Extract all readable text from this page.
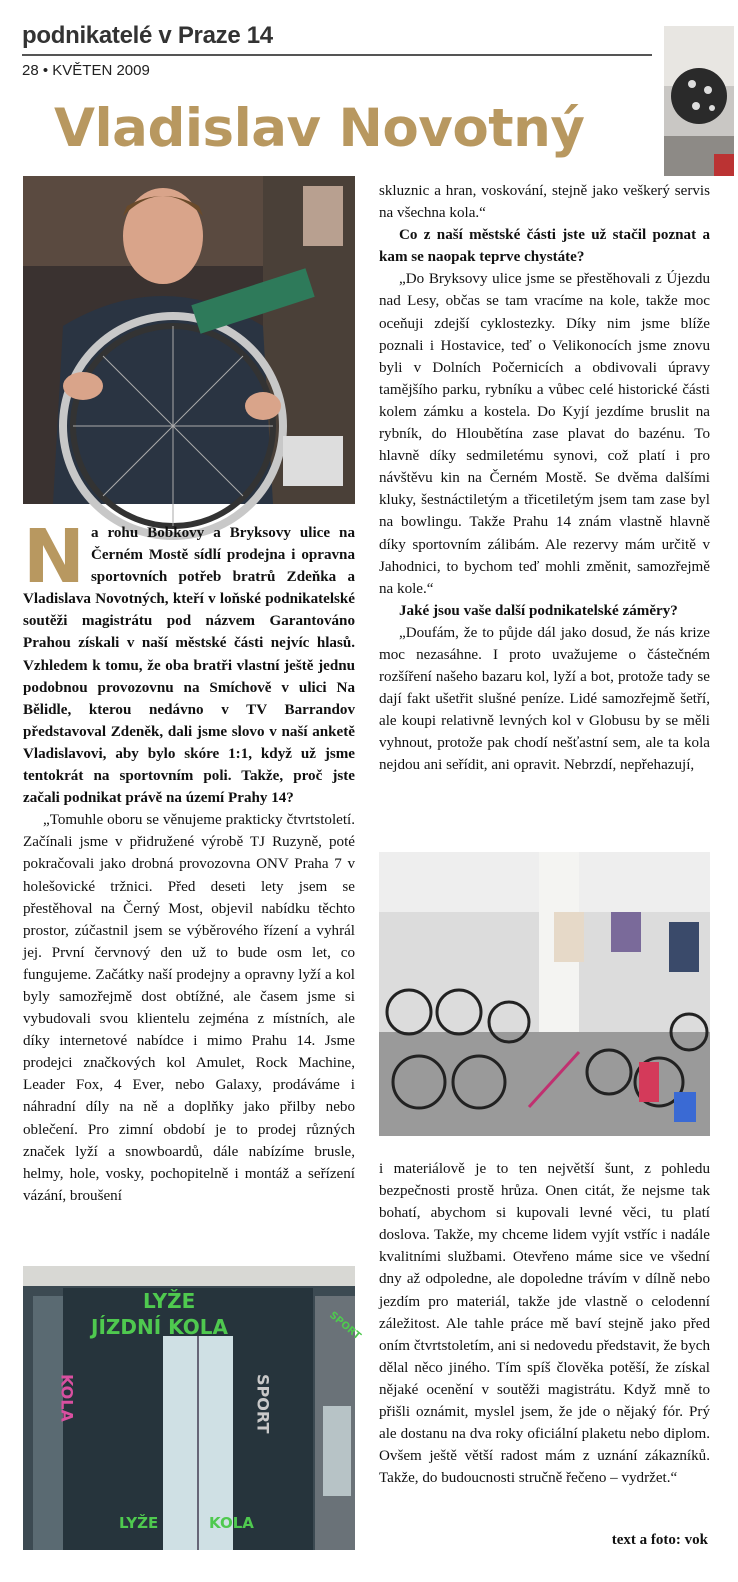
podnikatelé v Praze 14
28 • KVĚTEN 2009
Vladislav Novotný

Na rohu Bobkovy a Bryksovy ulice na Černém Mostě sídlí prodejna i opravna sportovních potřeb bratrů Zdeňka a Vladislava Novotných, kteří v loňské podnikatelské soutěži magistrátu pod názvem Garantováno Prahou získali v naší městské části nejvíc hlasů. Vzhledem k tomu, že oba bratři vlastní ještě jednu podobnou provozovnu na Smíchově v ulici Na Bělidle, kterou nedávno v TV Barrandov představoval Zdeněk, dali jsme slovo v naší anketě Vladislavovi, aby bylo skóre 1:1, když už jsme tentokrát na sportovním poli. Takže, proč jste začali podnikat právě na území Prahy 14?

„Tomuhle oboru se věnujeme prakticky čtvrtstoletí. Začínali jsme v přidružené výrobě TJ Ruzyně, poté pokračovali jako drobná provozovna ONV Praha 7 v holešovické tržnici. Před deseti lety jsem se přestěhoval na Černý Most, objevil nabídku těchto prostor, zúčastnil jsem se výběrového řízení a vyhrál jej. První červnový den už to bude osm let, co fungujeme. Začátky naší prodejny a opravny lyží a kol byly samozřejmě dost obtížné, ale časem jsme si vybudovali svou klientelu zejména z místních, ale díky internetové nabídce i mimo Prahu 14. Jsme prodejci značkových kol Amulet, Rock Machine, Leader Fox, 4 Ever, nebo Galaxy, prodáváme i náhradní díly na ně a doplňky jako přilby nebo oblečení. Pro zimní období je to prodej různých značek lyží a snowboardů, dále nabízíme brusle, helmy, hole, vosky, pochopitelně i montáž a seřízení vázání, broušení

LYŽE
JÍZDNÍ KOLA
KOLA	SPORT
SPORT
LYŽE	KOLA

skluznic a hran, voskování, stejně jako veškerý servis na všechna kola.“

Co z naší městské části jste už stačil poznat a kam se naopak teprve chystáte?

„Do Bryksovy ulice jsme se přestěhovali z Újezdu nad Lesy, občas se tam vracíme na kole, takže moc oceňuji zdejší cyklostezky. Díky nim jsme blíže poznali i Hostavice, teď o Velikonocích jsme znovu byli v Dolních Počernicích a obdivovali úpravy tamějšího parku, rybníku a vůbec celé historické části kolem zámku a kostela. Do Kyjí jezdíme bruslit na rybník, do Hloubětína zase plavat do bazénu. To hlavně díky sedmiletému synovi, což platí i pro návštěvu kin na Černém Mostě. Se dvěma dalšími kluky, šestnáctiletým a třicetiletým jsem tam zase byl na bowlingu. Takže Prahu 14 znám vlastně hlavně díky sportovním zálibám. Ale rezervy mám určitě v Jahodnici, to bychom teď mohli změnit, samozřejmě na kole.“

Jaké jsou vaše další podnikatelské záměry?

„Doufám, že to půjde dál jako dosud, že nás krize moc nezasáhne. I proto uvažujeme o částečném rozšíření našeho bazaru kol, lyží a bot, protože tady se dají fakt ušetřit slušné peníze. Lidé samozřejmě šetří, ale koupi relativně levných kol v Globusu by se měli vyhnout, protože pak chodí nešťastní sem, ale ta kola nejdou ani seřídit, ani opravit. Nebrzdí, nepřehazují,

i materiálově je to ten největší šunt, z pohledu bezpečnosti prostě hrůza. Onen citát, že nejsme tak bohatí, abychom si kupovali levné věci, tu platí doslova. Takže, my chceme lidem vyjít vstříc i nadále kvalitními službami. Otevřeno máme sice ve všední dny až odpoledne, ale dopoledne trávím v dílně nebo jezdím pro materiál, takže jde vlastně o celodenní záležitost. Ale tahle práce mě baví stejně jako před oním čtvrtstoletím, ani si nedovedu představit, že bych dělal něco jiného. Tím spíš člověka potěší, že získal nějaké ocenění v soutěži magistrátu. Když mně to přišli oznámit, myslel jsem, že jde o nějaký fór. Prý ale dostanu na dva roky oficiální plaketu nebo diplom. Ovšem ještě větší radost mám z uznání zákazníků. Takže, do budoucnosti stručně řečeno – vydržet.“

text a foto: vok
